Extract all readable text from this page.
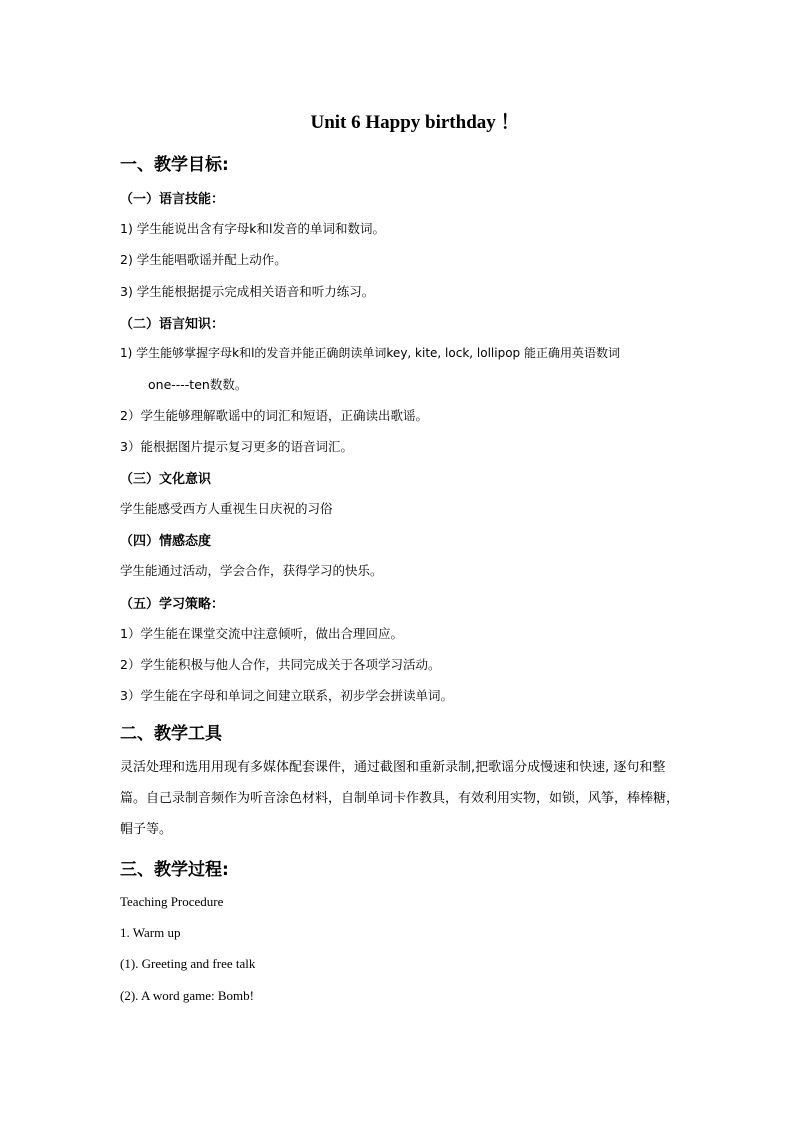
Unit 6 Happy birthday ！
一、教学目标:
（一）语言技能：
1) 学生能说出含有字母k和l发音的单词和数词。
2) 学生能唱歌谣并配上动作。
3) 学生能根据提示完成相关语音和听力练习。
（二）语言知识：
1) 学生能够掌握字母k和l的发音并能正确朗读单词key, kite, lock, lollipop 能正确用英语数词
one----ten数数。
2）学生能够理解歌谣中的词汇和短语，正确读出歌谣。
3）能根据图片提示复习更多的语音词汇。
（三）文化意识
学生能感受西方人重视生日庆祝的习俗
（四）情感态度
学生能通过活动，学会合作，获得学习的快乐。
（五）学习策略：
1）学生能在课堂交流中注意倾听，做出合理回应。
2）学生能积极与他人合作，共同完成关于各项学习活动。
3）学生能在字母和单词之间建立联系，初步学会拼读单词。
二、教学工具
灵活处理和选用用现有多媒体配套课件，通过截图和重新录制,把歌谣分成慢速和快速, 逐句和整篇。自己录制音频作为听音涂色材料，自制单词卡作教具，有效利用实物，如锁，风筝，棒棒糖，帽子等。
三、教学过程:
Teaching Procedure
1. Warm up
(1). Greeting and free talk
(2). A word game: Bomb!
